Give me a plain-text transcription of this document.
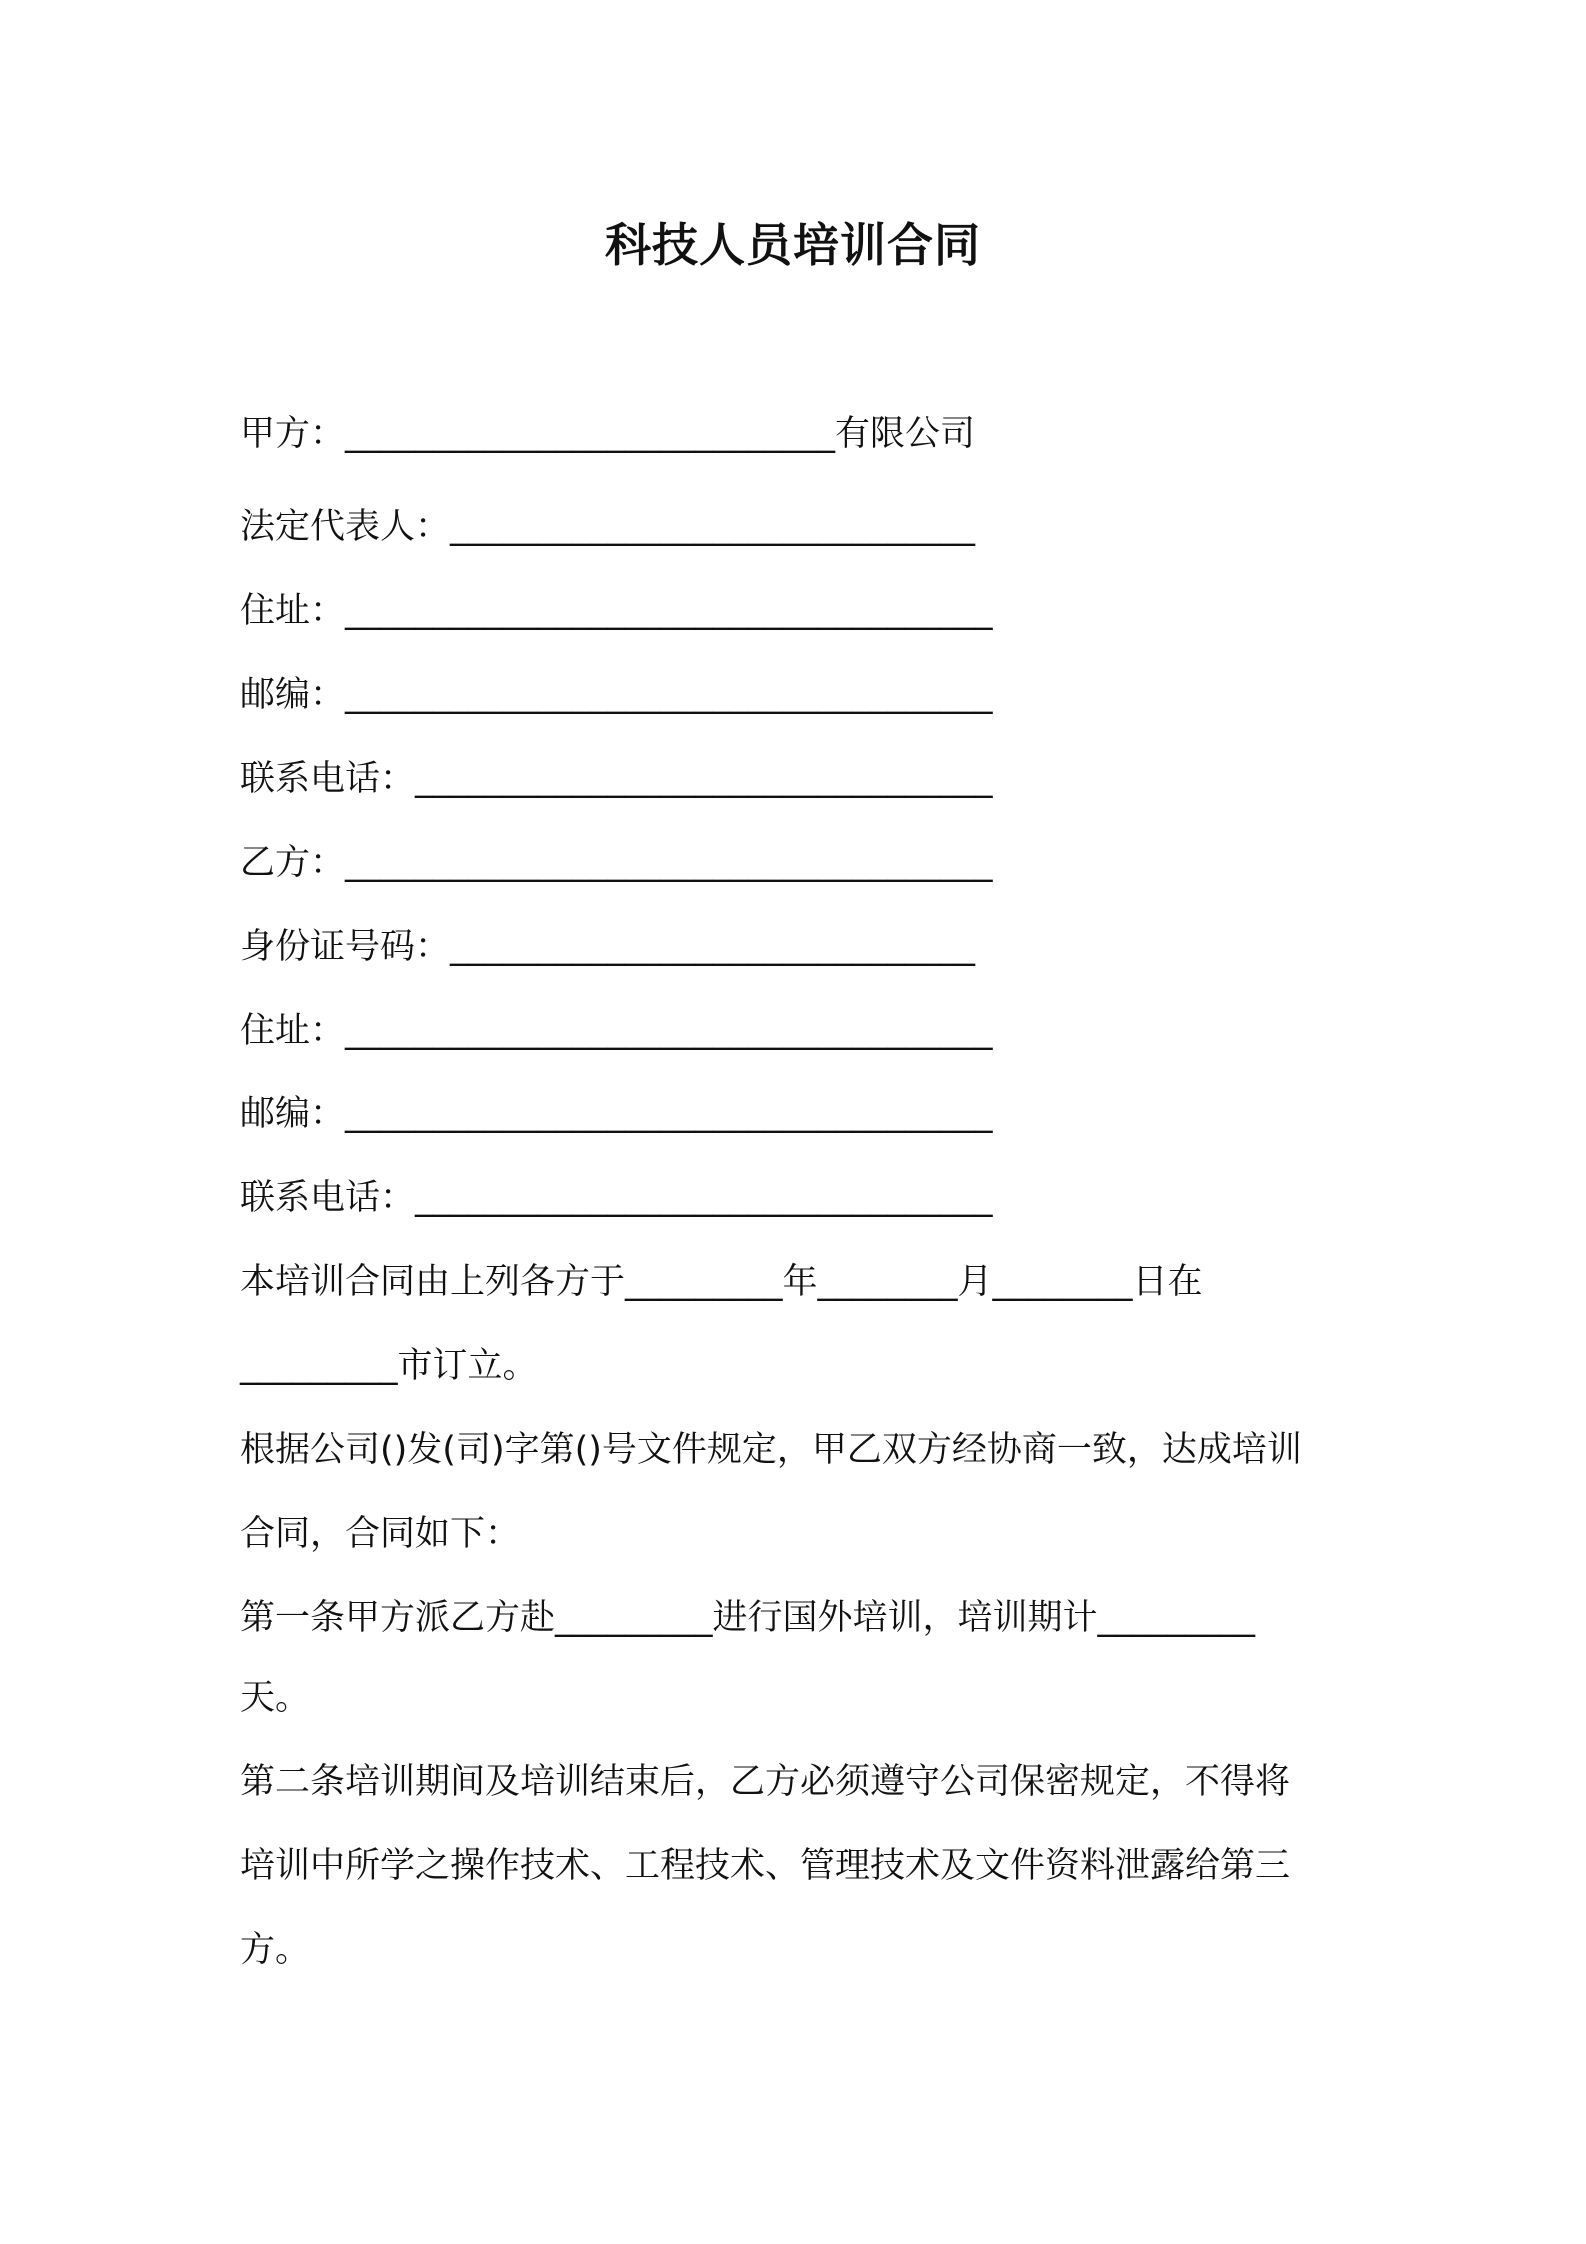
科技人员培训合同
甲方：____________________________有限公司
法定代表人：______________________________
住址：_____________________________________
邮编：_____________________________________
联系电话：_________________________________
乙方：_____________________________________
身份证号码：______________________________
住址：_____________________________________
邮编：_____________________________________
联系电话：_________________________________
本培训合同由上列各方于_________年________月________日在
_________市订立。
根据公司()发(司)字第()号文件规定，甲乙双方经协商一致，达成培训
合同，合同如下：
第一条甲方派乙方赴_________进行国外培训，培训期计_________
天。
第二条培训期间及培训结束后，乙方必须遵守公司保密规定，不得将
培训中所学之操作技术、工程技术、管理技术及文件资料泄露给第三
方。
